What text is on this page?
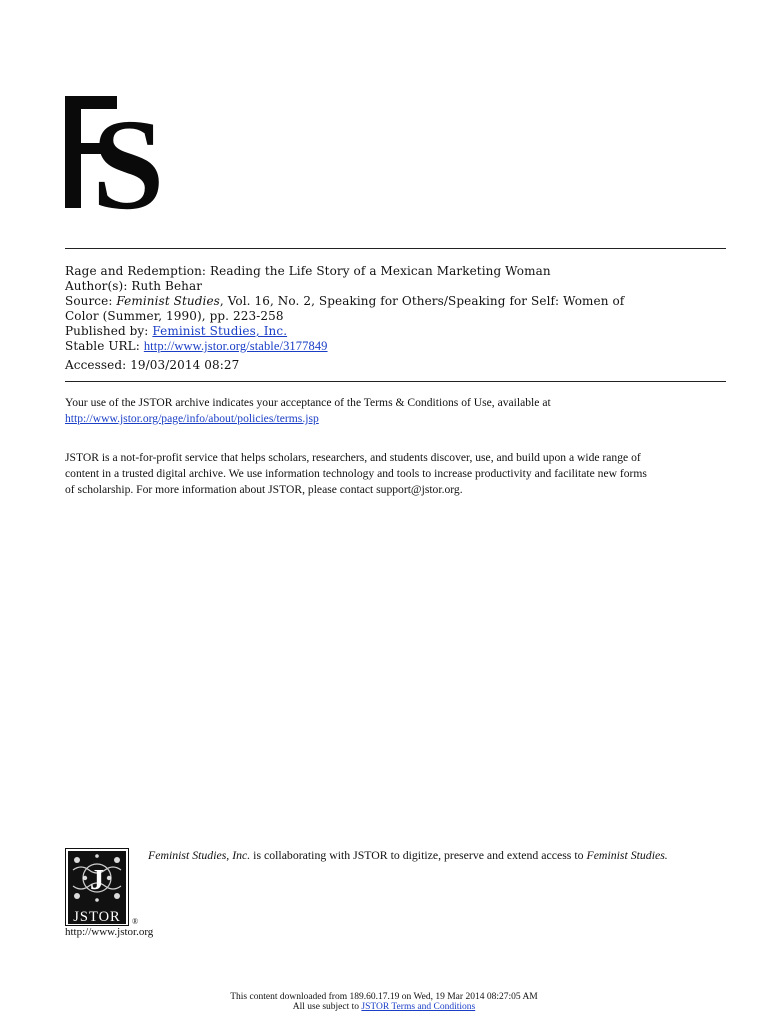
S
Rage and Redemption: Reading the Life Story of a Mexican Marketing Woman
Author(s): Ruth Behar
Source: Feminist Studies, Vol. 16, No. 2, Speaking for Others/Speaking for Self: Women of
Color (Summer, 1990), pp. 223-258
Published by: Feminist Studies, Inc.
Stable URL: http://www.jstor.org/stable/3177849
Accessed: 19/03/2014 08:27
Your use of the JSTOR archive indicates your acceptance of the Terms & Conditions of Use, available at
http://www.jstor.org/page/info/about/policies/terms.jsp
JSTOR is a not-for-profit service that helps scholars, researchers, and students discover, use, and build upon a wide range of
content in a trusted digital archive. We use information technology and tools to increase productivity and facilitate new forms
of scholarship. For more information about JSTOR, please contact support@jstor.org.
J
JSTOR ®
Feminist Studies, Inc. is collaborating with JSTOR to digitize, preserve and extend access to Feminist Studies.
http://www.jstor.org
This content downloaded from 189.60.17.19 on Wed, 19 Mar 2014 08:27:05 AM
All use subject to JSTOR Terms and Conditions
